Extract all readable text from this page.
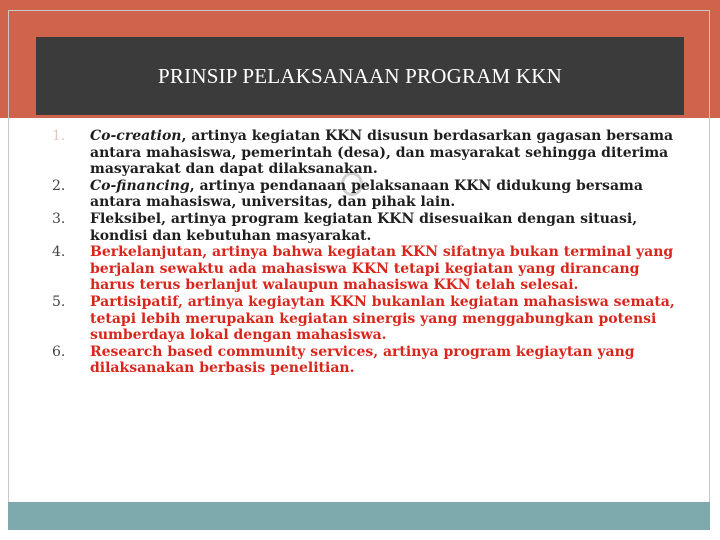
PRINSIP PELAKSANAAN PROGRAM KKN
1.	Co-creation, artinya kegiatan KKN disusun berdasarkan gagasan bersama antara mahasiswa, pemerintah (desa), dan masyarakat sehingga diterima masyarakat dan dapat dilaksanakan.
2.	Co-financing, artinya pendanaan pelaksanaan KKN didukung bersama antara mahasiswa, universitas, dan pihak lain.
3.	Fleksibel, artinya program kegiatan KKN disesuaikan dengan situasi, kondisi dan kebutuhan masyarakat.
4.	Berkelanjutan, artinya bahwa kegiatan KKN sifatnya bukan terminal yang berjalan sewaktu ada mahasiswa KKN tetapi kegiatan yang dirancang harus terus berlanjut walaupun mahasiswa KKN telah selesai.
5.	Partisipatif, artinya kegiaytan KKN bukanlan kegiatan mahasiswa semata, tetapi lebih merupakan kegiatan sinergis yang menggabungkan potensi sumberdaya lokal dengan mahasiswa.
6.	Research based community services, artinya program kegiaytan yang dilaksanakan berbasis penelitian.
